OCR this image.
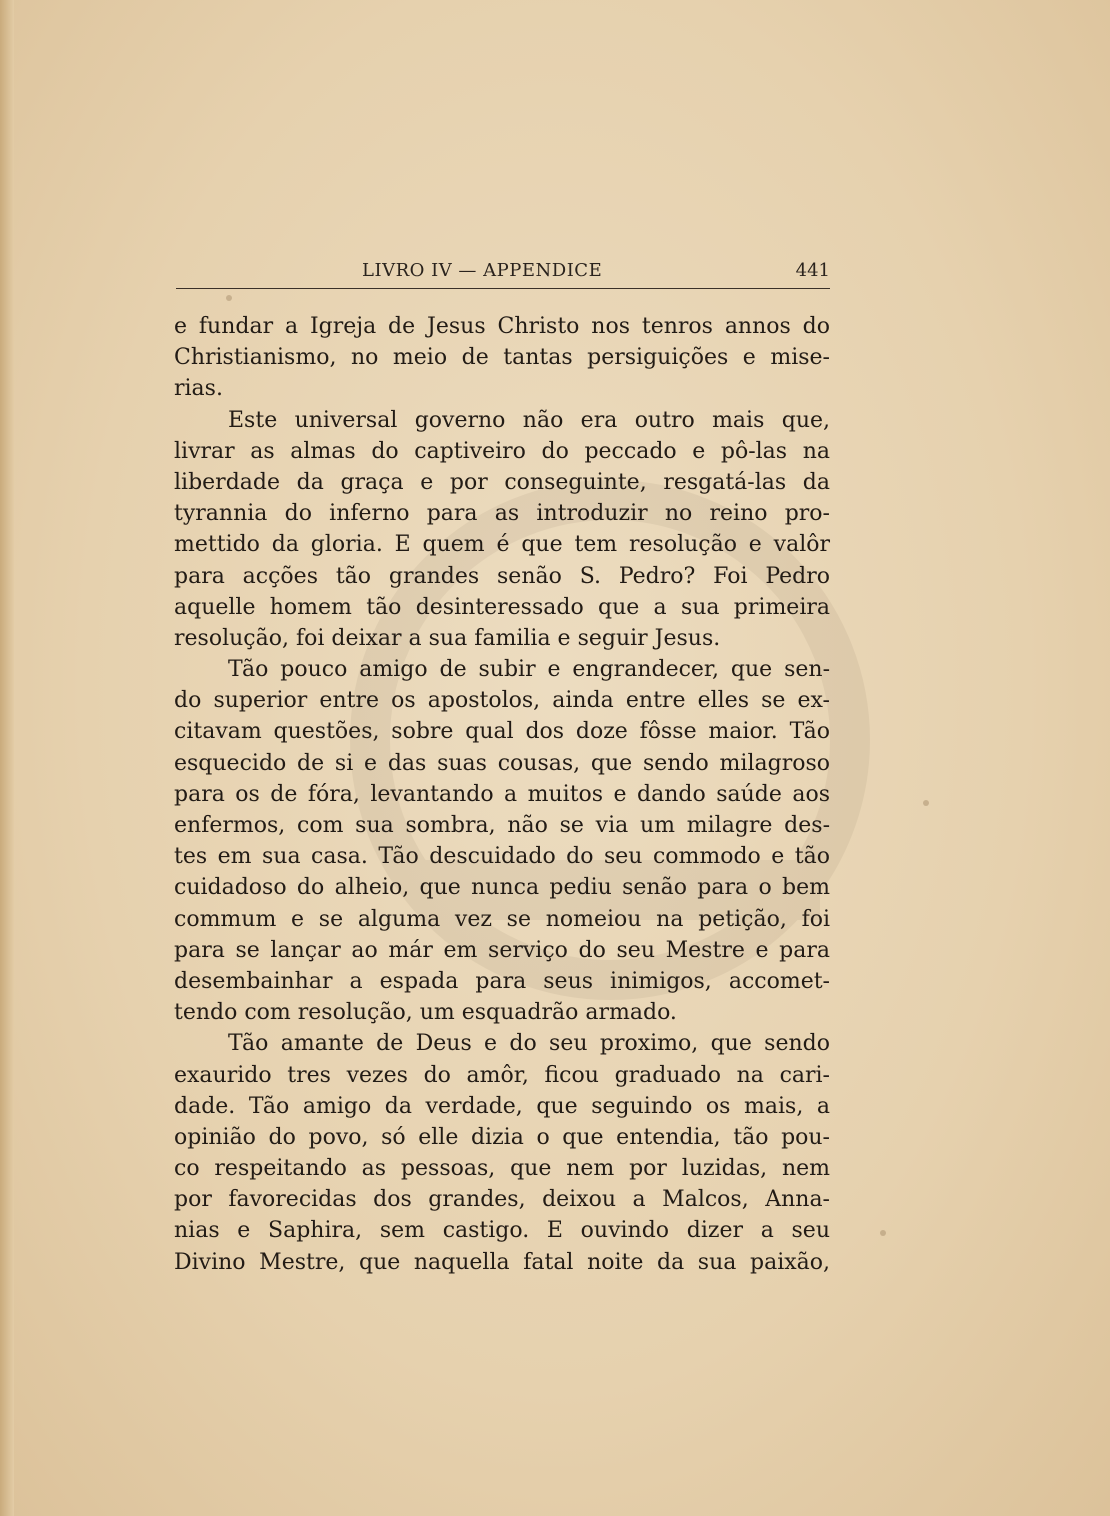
LIVRO IV — APPENDICE	441
e fundar a Igreja de Jesus Christo nos tenros annos do
Christianismo, no meio de tantas persiguições e mise-
rias.
Este universal governo não era outro mais que,
livrar as almas do captiveiro do peccado e pô-las na
liberdade da graça e por conseguinte, resgatá-las da
tyrannia do inferno para as introduzir no reino pro-
mettido da gloria. E quem é que tem resolução e valôr
para acções tão grandes senão S. Pedro? Foi Pedro
aquelle homem tão desinteressado que a sua primeira
resolução, foi deixar a sua familia e seguir Jesus.
Tão pouco amigo de subir e engrandecer, que sen-
do superior entre os apostolos, ainda entre elles se ex-
citavam questões, sobre qual dos doze fôsse maior. Tão
esquecido de si e das suas cousas, que sendo milagroso
para os de fóra, levantando a muitos e dando saúde aos
enfermos, com sua sombra, não se via um milagre des-
tes em sua casa. Tão descuidado do seu commodo e tão
cuidadoso do alheio, que nunca pediu senão para o bem
commum e se alguma vez se nomeiou na petição, foi
para se lançar ao már em serviço do seu Mestre e para
desembainhar a espada para seus inimigos, accomet-
tendo com resolução, um esquadrão armado.
Tão amante de Deus e do seu proximo, que sendo
exaurido tres vezes do amôr, ficou graduado na cari-
dade. Tão amigo da verdade, que seguindo os mais, a
opinião do povo, só elle dizia o que entendia, tão pou-
co respeitando as pessoas, que nem por luzidas, nem
por favorecidas dos grandes, deixou a Malcos, Anna-
nias e Saphira, sem castigo. E ouvindo dizer a seu
Divino Mestre, que naquella fatal noite da sua paixão,
